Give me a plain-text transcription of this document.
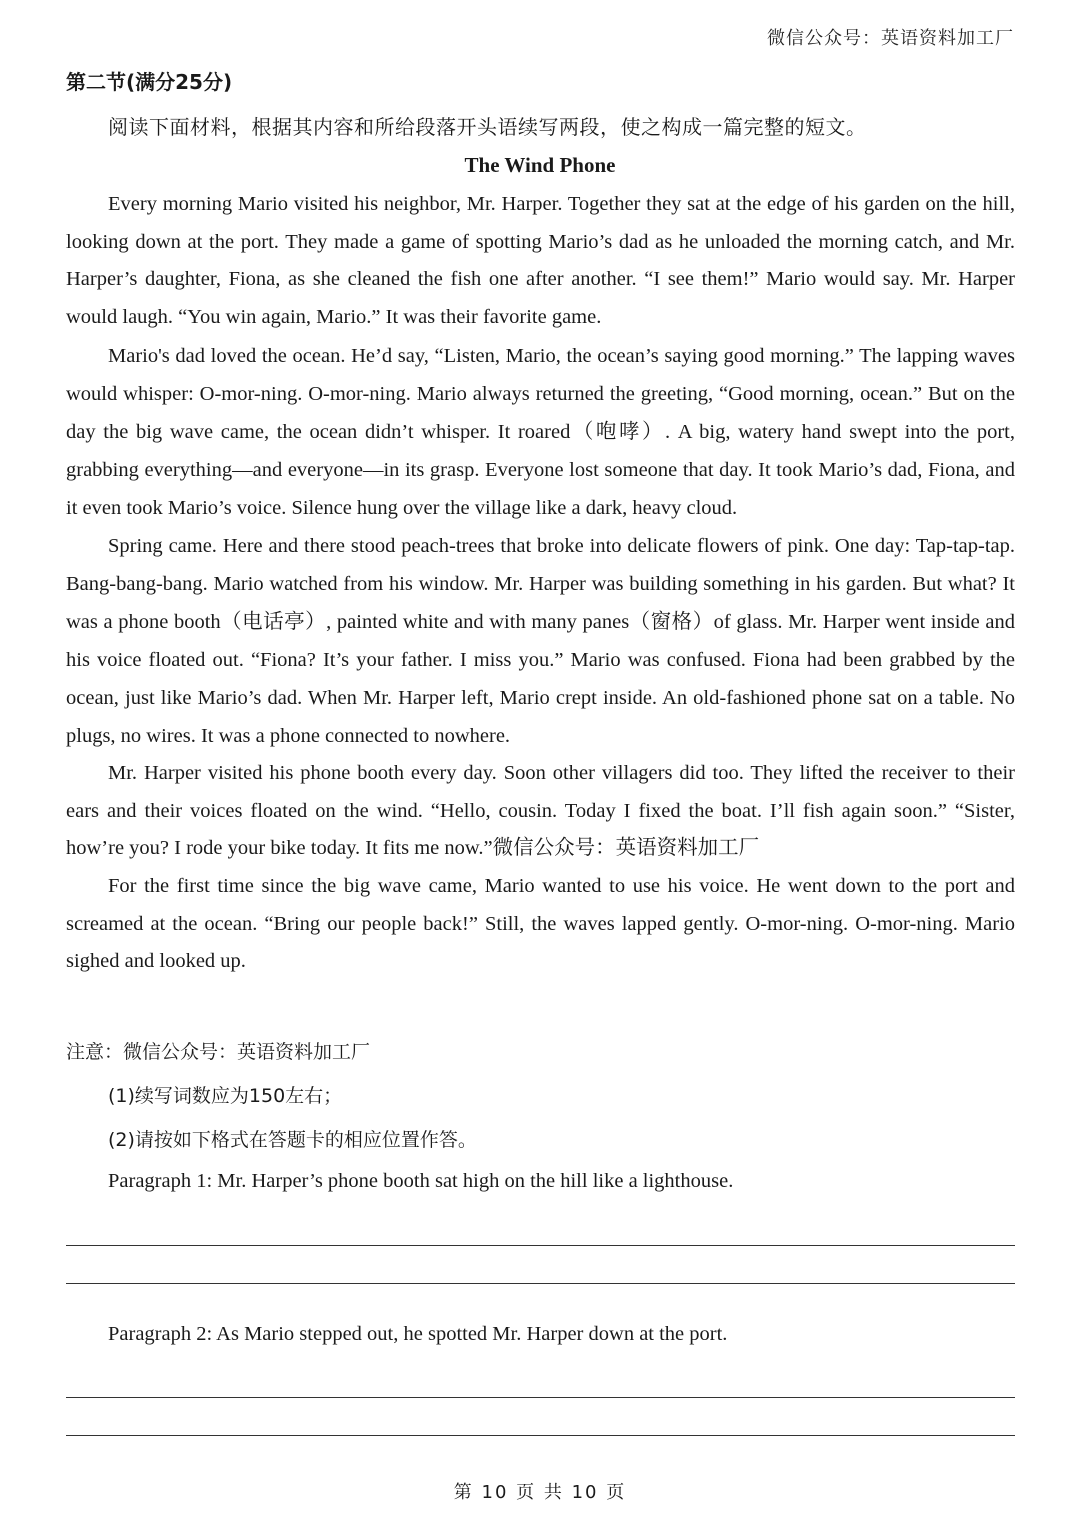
微信公众号：英语资料加工厂
第二节(满分25分)
阅读下面材料，根据其内容和所给段落开头语续写两段，使之构成一篇完整的短文。
The Wind Phone

Every morning Mario visited his neighbor, Mr. Harper. Together they sat at the edge of his garden on the hill, looking down at the port. They made a game of spotting Mario’s dad as he unloaded the morning catch, and Mr. Harper’s daughter, Fiona, as she cleaned the fish one after another. “I see them!” Mario would say. Mr. Harper would laugh. “You win again, Mario.” It was their favorite game.

Mario's dad loved the ocean. He’d say, “Listen, Mario, the ocean’s saying good morning.” The lapping waves would whisper: O-mor-ning. O-mor-ning. Mario always returned the greeting, “Good morning, ocean.” But on the day the big wave came, the ocean didn’t whisper. It roared（咆哮）. A big, watery hand swept into the port, grabbing everything—and everyone—in its grasp. Everyone lost someone that day. It took Mario’s dad, Fiona, and it even took Mario’s voice. Silence hung over the village like a dark, heavy cloud.

Spring came. Here and there stood peach-trees that broke into delicate flowers of pink. One day: Tap-tap-tap. Bang-bang-bang. Mario watched from his window. Mr. Harper was building something in his garden. But what? It was a phone booth（电话亭）, painted white and with many panes（窗格）of glass. Mr. Harper went inside and his voice floated out. “Fiona? It’s your father. I miss you.” Mario was confused. Fiona had been grabbed by the ocean, just like Mario’s dad. When Mr. Harper left, Mario crept inside. An old-fashioned phone sat on a table. No plugs, no wires. It was a phone connected to nowhere.

Mr. Harper visited his phone booth every day. Soon other villagers did too. They lifted the receiver to their ears and their voices floated on the wind. “Hello, cousin. Today I fixed the boat. I’ll fish again soon.” “Sister, how’re you? I rode your bike today. It fits me now.”微信公众号：英语资料加工厂

For the first time since the big wave came, Mario wanted to use his voice. He went down to the port and screamed at the ocean. “Bring our people back!” Still, the waves lapped gently. O-mor-ning. O-mor-ning. Mario sighed and looked up.

注意：微信公众号：英语资料加工厂
(1)续写词数应为150左右；
(2)请按如下格式在答题卡的相应位置作答。
Paragraph 1: Mr. Harper’s phone booth sat high on the hill like a lighthouse.
Paragraph 2: As Mario stepped out, he spotted Mr. Harper down at the port.
第 10 页 共 10 页
